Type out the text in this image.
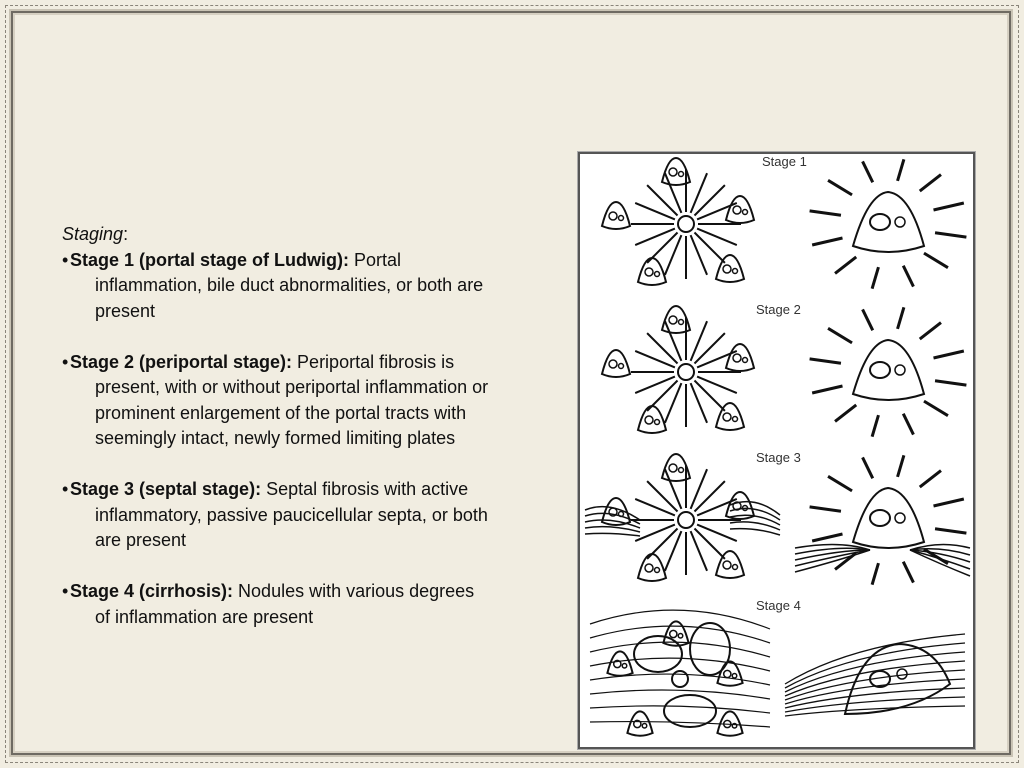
Staging:

•Stage 1 (portal stage of Ludwig): Portal inflammation, bile duct abnormalities, or both are present

•Stage 2 (periportal stage): Periportal fibrosis is present, with or without periportal inflammation or prominent enlargement of the portal tracts with seemingly intact, newly formed limiting plates

•Stage 3 (septal stage): Septal fibrosis with active inflammatory, passive paucicellular septa, or both are present

•Stage 4 (cirrhosis): Nodules with various degrees of inflammation are present

Stage 1
Stage 2
Stage 3
Stage 4
